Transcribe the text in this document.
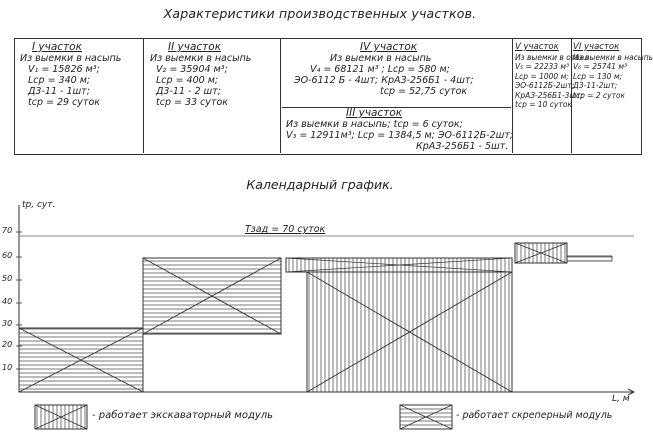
Характеристики производственных участков.
I участок
Из выемки в насыпь
V₁ = 15826 м³;
Lср = 340 м;
Д3-11 - 1шт;
tср = 29 суток
II участок
Из выемки в насыпь
V₂ = 35904 м³;
Lср = 400 м;
Д3-11 - 2 шт;
tср = 33 суток
IV участок
Из выемки в насыпь
V₄ = 68121 м³ ; Lср = 580 м;
ЭО-6112 Б - 4шт; КрАЗ-256Б1 - 4шт;
tср = 52,75 суток
III участок
Из выемки в насыпь; tср = 6 суток;
V₃ = 12911м³; Lср = 1384,5 м; ЭО-6112Б-2шт;
КрАЗ-256Б1 - 5шт.
V участок
Из выемки в отвал
V₅ = 22233 м³
Lср = 1000 м;
ЭО-6112Б-2шт;
КрАЗ-256Б1-3шт;
tср = 10 суток
VI участок
Из выемки в насыпь
V₆ = 25741 м³
Lср = 130 м;
Д3-11-2шт;
tср = 2 суток
Календарный график.
tр, сут.
L, м
70
60
50
40
30
20
10
Tзад = 70 суток
- работает экскаваторный модуль	- работает скреперный модуль
